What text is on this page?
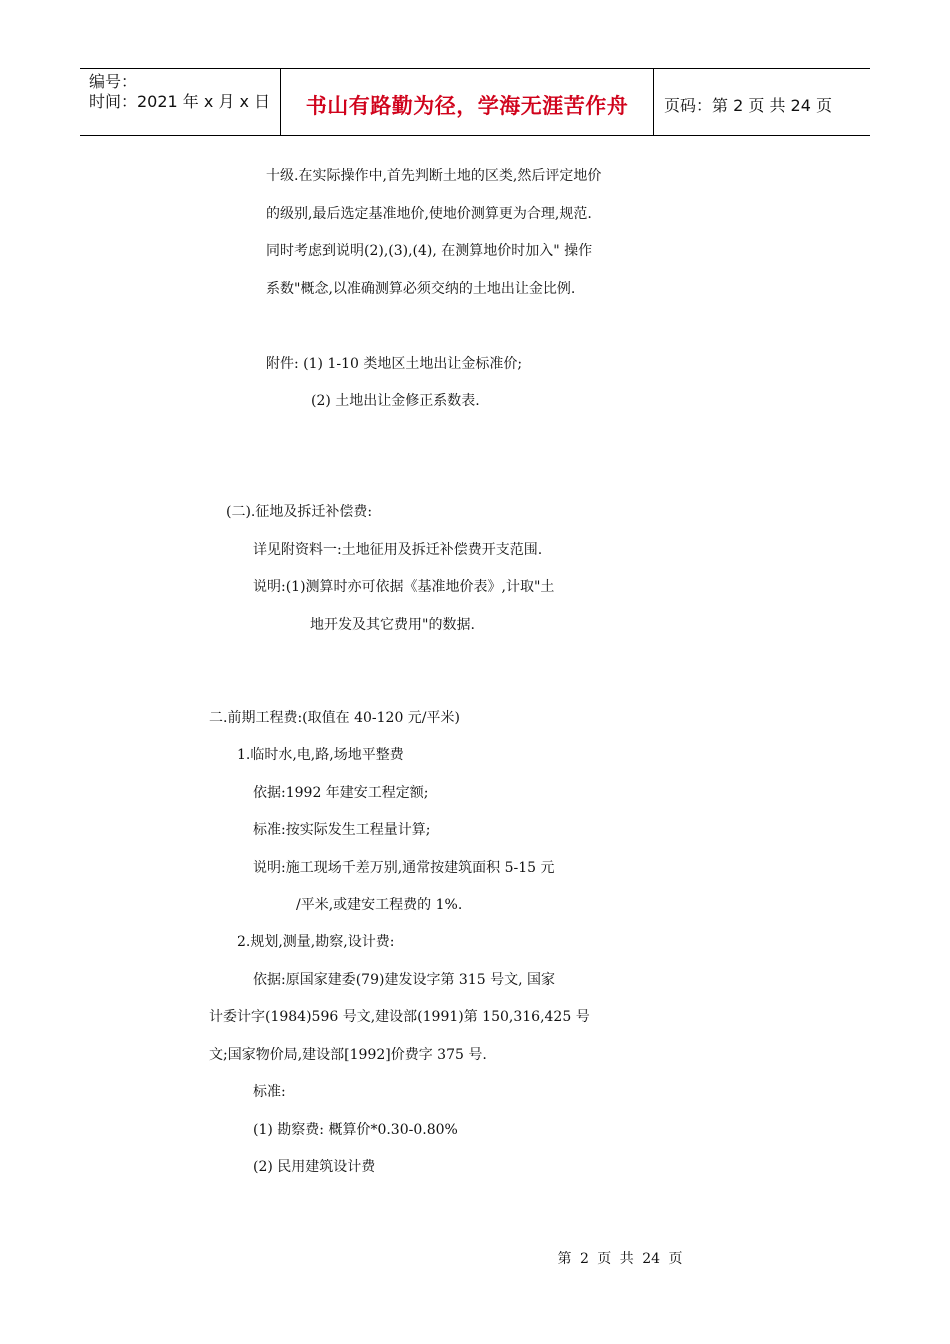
编号：
时间：2021 年 x 月 x 日	书山有路勤为径，学海无涯苦作舟 页码：第 2 页 共 24 页
十级.在实际操作中,首先判断土地的区类,然后评定地价
的级别,最后选定基准地价,使地价测算更为合理,规范.
同时考虑到说明(2),(3),(4), 在测算地价时加入" 操作
系数"概念,以准确测算必须交纳的土地出让金比例.
附件: (1) 1-10 类地区土地出让金标准价;
(2) 土地出让金修正系数表.
(二).征地及拆迁补偿费:
详见附资料一:土地征用及拆迁补偿费开支范围.
说明:(1)测算时亦可依据《基准地价表》,计取"土
地开发及其它费用"的数据.
二.前期工程费:(取值在 40-120 元/平米)
1.临时水,电,路,场地平整费
依据:1992 年建安工程定额;
标准:按实际发生工程量计算;
说明:施工现场千差万别,通常按建筑面积 5-15 元
/平米,或建安工程费的 1%.
2.规划,测量,勘察,设计费:
依据:原国家建委(79)建发设字第 315 号文, 国家
计委计字(1984)596 号文,建设部(1991)第 150,316,425 号
文;国家物价局,建设部[1992]价费字 375 号.
标准:
(1) 勘察费: 概算价*0.30-0.80%
(2) 民用建筑设计费
第 2 页 共 24 页
